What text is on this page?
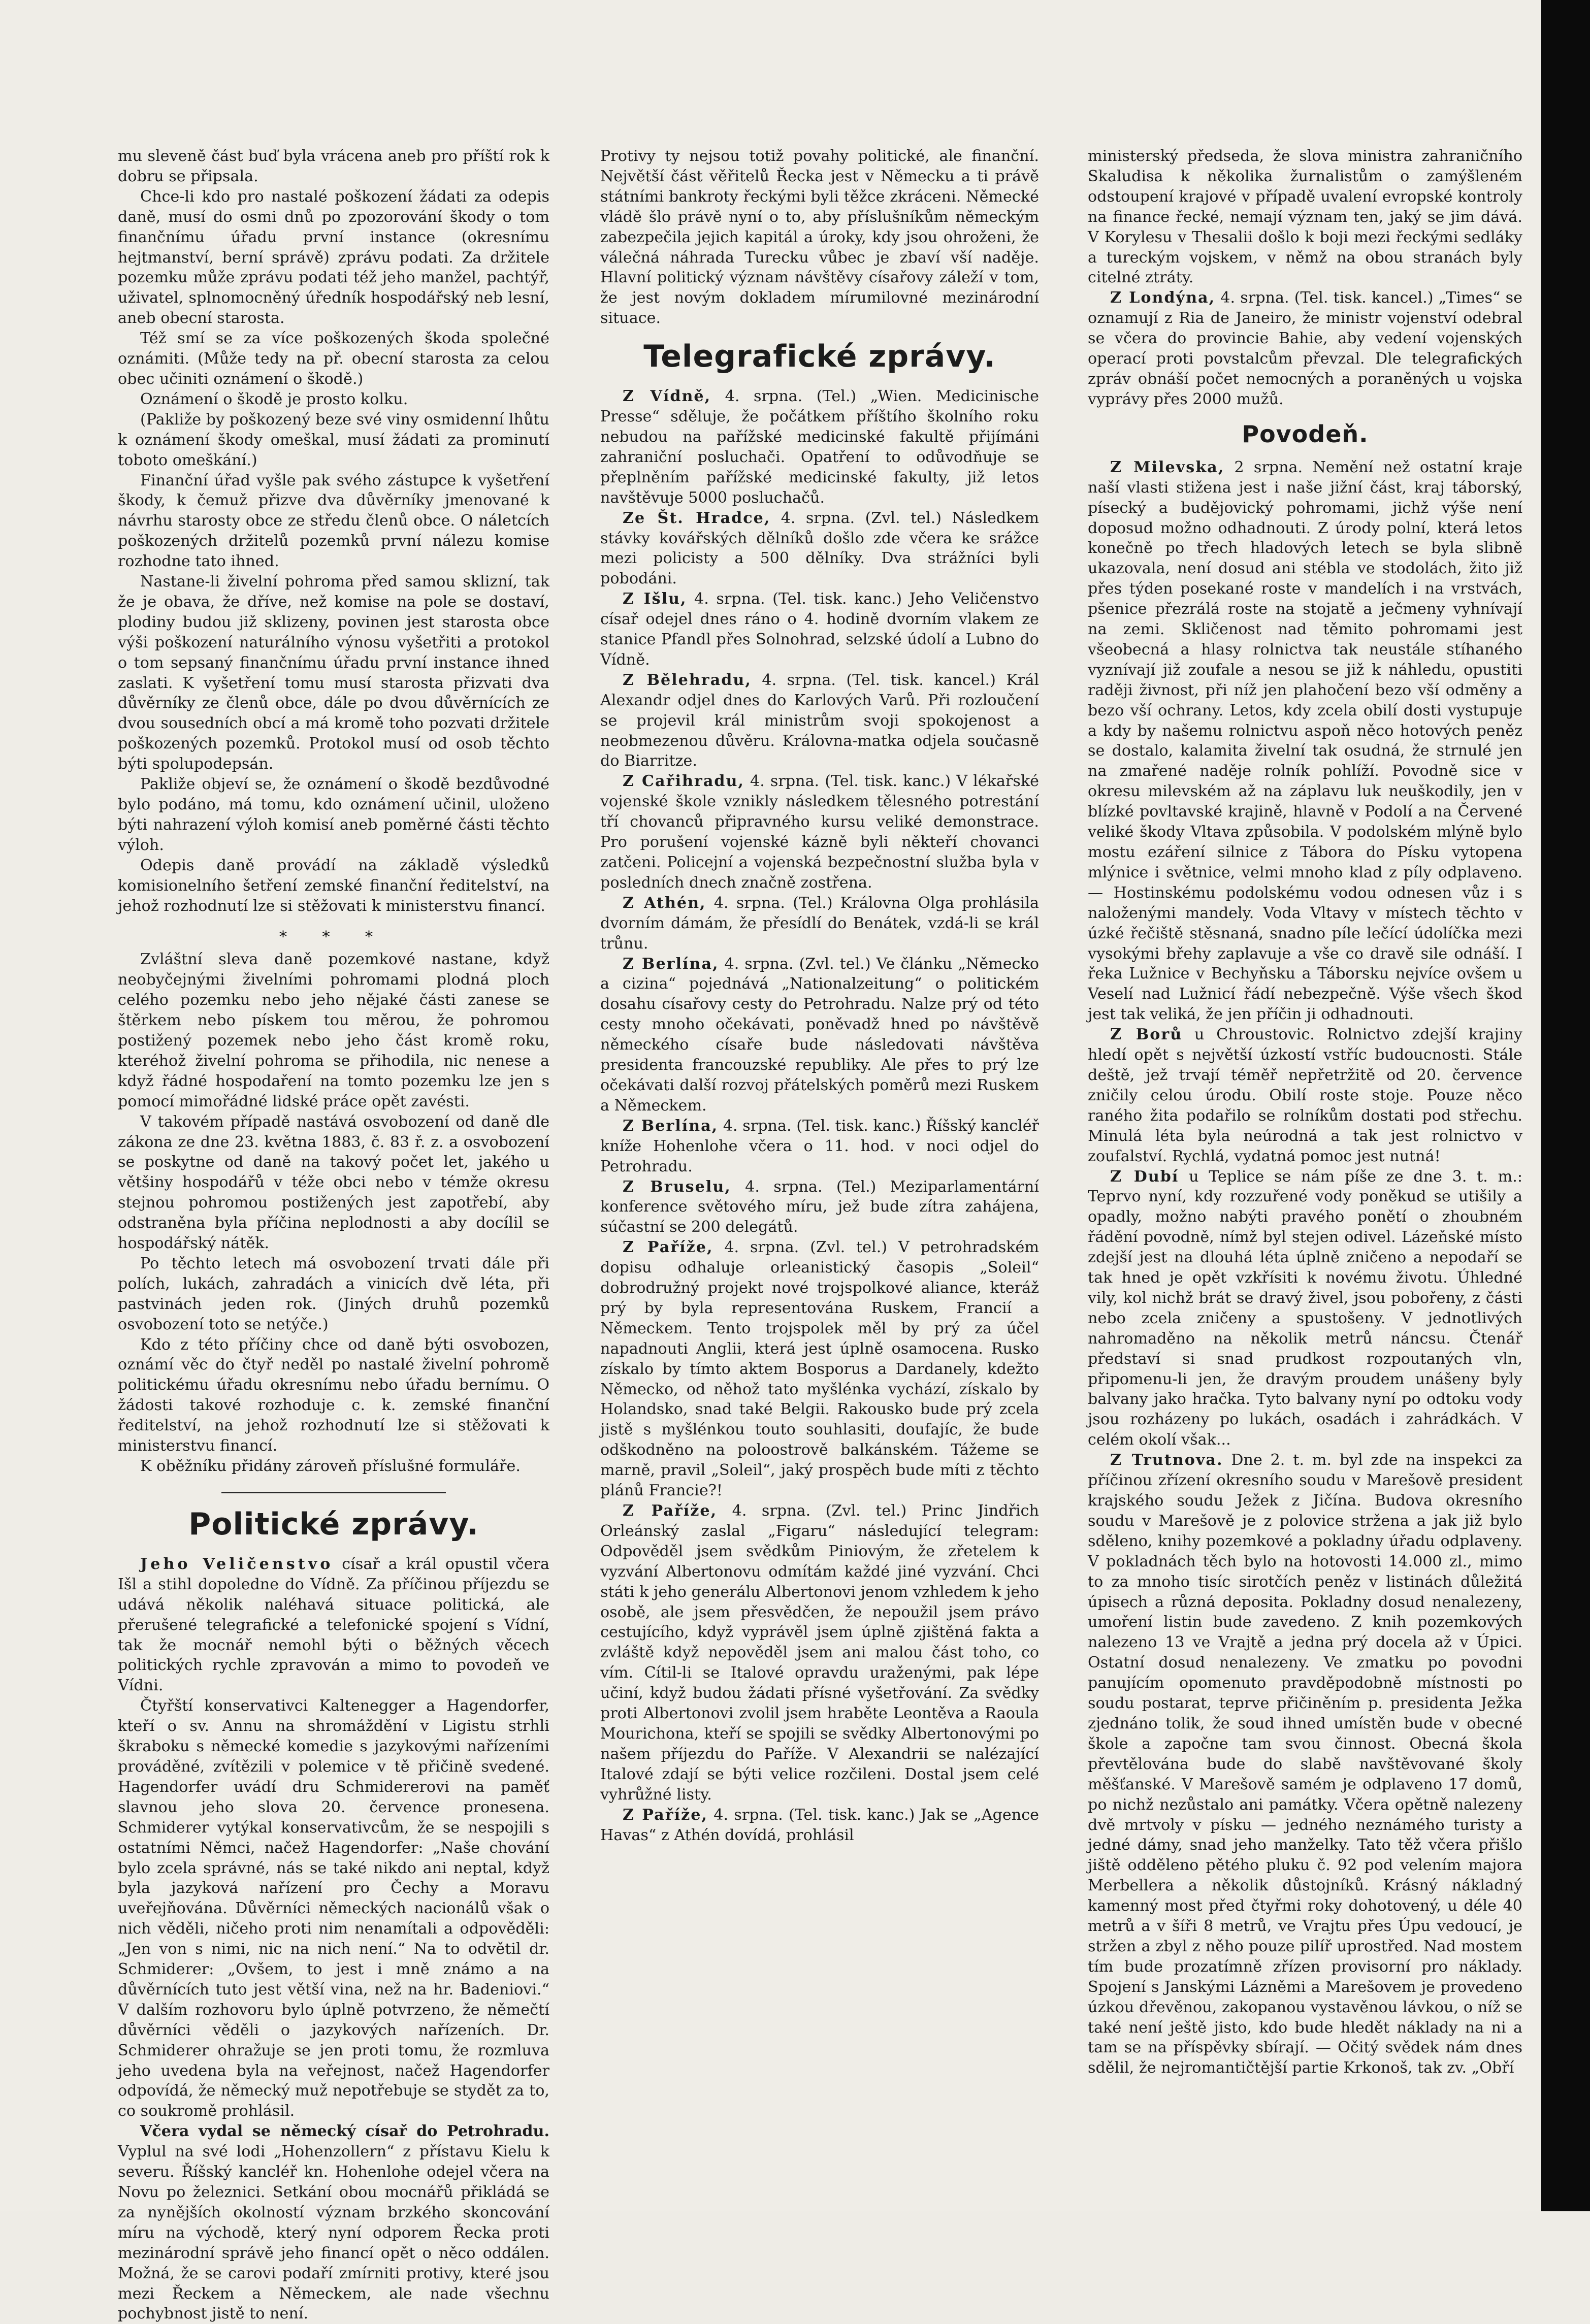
mu sleveně část buď byla vrácena aneb pro příští rok k dobru se připsala.

Chce-li kdo pro nastalé poškození žádati za odepis daně, musí do osmi dnů po zpozorování škody o tom finančnímu úřadu první instance (okresnímu hejtmanství, berní správě) zprávu podati. Za držitele pozemku může zprávu podati též jeho manžel, pachtýř, uživatel, splnomocněný úředník hospodářský neb lesní, aneb obecní starosta.

Též smí se za více poškozených škoda společné oznámiti. (Může tedy na př. obecní starosta za celou obec učiniti oznámení o škodě.)

Oznámení o škodě je prosto kolku.

(Pakliže by poškozený beze své viny osmidenní lhůtu k oznámení škody omeškal, musí žádati za prominutí toboto omeškání.)

Finanční úřad vyšle pak svého zástupce k vyšetření škody, k čemuž přizve dva důvěrníky jmenované k návrhu starosty obce ze středu členů obce. O náletcích poškozených držitelů pozemků první nálezu komise rozhodne tato ihned.

Nastane-li živelní pohroma před samou sklizní, tak že je obava, že dříve, než komise na pole se dostaví, plodiny budou již sklizeny, povinen jest starosta obce výši poškození naturálního výnosu vyšetřiti a protokol o tom sepsaný finančnímu úřadu první instance ihned zaslati. K vyšetření tomu musí starosta přizvati dva důvěrníky ze členů obce, dále po dvou důvěrnících ze dvou sousedních obcí a má kromě toho pozvati držitele poškozených pozemků. Protokol musí od osob těchto býti spolupodepsán.

Pakliže objeví se, že oznámení o škodě bezdůvodné bylo podáno, má tomu, kdo oznámení učinil, uloženo býti nahrazení výloh komisí aneb poměrné části těchto výloh.

Odepis daně provádí na základě výsledků komisionelního šetření zemské finanční ředitelství, na jehož rozhodnutí lze si stěžovati k ministerstvu financí.

* * *

Zvláštní sleva daně pozemkové nastane, když neobyčejnými živelními pohromami plodná ploch celého pozemku nebo jeho nějaké části zanese se štěrkem nebo pískem tou měrou, že pohromou postižený pozemek nebo jeho část kromě roku, kteréhož živelní pohroma se přihodila, nic nenese a když řádné hospodaření na tomto pozemku lze jen s pomocí mimořádné lidské práce opět zavésti.

V takovém případě nastává osvobození od daně dle zákona ze dne 23. května 1883, č. 83 ř. z. a osvobození se poskytne od daně na takový počet let, jakého u většiny hospodářů v téže obci nebo v témže okresu stejnou pohromou postižených jest zapotřebí, aby odstraněna byla příčina neplodnosti a aby docílil se hospodářský nátěk.

Po těchto letech má osvobození trvati dále při polích, lukách, zahradách a vinicích dvě léta, při pastvinách jeden rok. (Jiných druhů pozemků osvobození toto se netýče.)

Kdo z této příčiny chce od daně býti osvobozen, oznámí věc do čtyř neděl po nastalé živelní pohromě politickému úřadu okresnímu nebo úřadu bernímu. O žádosti takové rozhoduje c. k. zemské finanční ředitelství, na jehož rozhodnutí lze si stěžovati k ministerstvu financí.

K oběžníku přidány zároveň příslušné formuláře.

Politické zprávy.

Jeho Veličenstvo císař a král opustil včera Išl a stihl dopoledne do Vídně. Za příčinou příjezdu se udává několik naléhavá situace politická, ale přerušené telegrafické a telefonické spojení s Vídní, tak že mocnář nemohl býti o běžných věcech politických rychle zpravován a mimo to povodeň ve Vídni.

Čtyřští konservativci Kaltenegger a Hagendorfer, kteří o sv. Annu na shromáždění v Ligistu strhli škraboku s německé komedie s jazykovými nařízeními prováděné, zvítězili v polemice v tě přičině svedené. Hagendorfer uvádí dru Schmidererovi na paměť slavnou jeho slova 20. července pronesena. Schmiderer vytýkal konservativcům, že se nespojili s ostatními Němci, načež Hagendorfer: „Naše chování bylo zcela správné, nás se také nikdo ani neptal, když byla jazyková nařízení pro Čechy a Moravu uveřejňována. Důvěrníci německých nacionálů však o nich věděli, ničeho proti nim nenamítali a odpověděli: „Jen von s nimi, nic na nich není.“ Na to odvětil dr. Schmiderer: „Ovšem, to jest i mně známo a na důvěrnících tuto jest větší vina, než na hr. Badeniovi.“ V dalším rozhovoru bylo úplně potvrzeno, že němečtí důvěrníci věděli o jazykových nařízeních. Dr. Schmiderer ohražuje se jen proti tomu, že rozmluva jeho uvedena byla na veřejnost, načež Hagendorfer odpovídá, že německý muž nepotřebuje se stydět za to, co soukromě prohlásil.

Včera vydal se německý císař do Petrohradu. Vyplul na své lodi „Hohenzollern“ z přístavu Kielu k severu. Říšský kancléř kn. Hohenlohe odejel včera na Novu po železnici. Setkání obou mocnářů přikládá se za nynějších okolností význam brzkého skoncování míru na východě, který nyní odporem Řecka proti mezinárodní správě jeho financí opět o něco oddálen. Možná, že se carovi podaří zmírniti protivy, které jsou mezi Řeckem a Německem, ale nade všechnu pochybnost jistě to není.

Protivy ty nejsou totiž povahy politické, ale finanční. Největší část věřitelů Řecka jest v Německu a ti právě státními bankroty řeckými byli těžce zkráceni. Německé vládě šlo právě nyní o to, aby příslušníkům německým zabezpečila jejich kapitál a úroky, kdy jsou ohroženi, že válečná náhrada Turecku vůbec je zbaví vší naděje. Hlavní politický význam návštěvy císařovy záleží v tom, že jest novým dokladem mírumilovné mezinárodní situace.

Telegrafické zprávy.

Z Vídně, 4. srpna. (Tel.) „Wien. Medicinische Presse“ sděluje, že počátkem příštího školního roku nebudou na pařížské medicinské fakultě přijímáni zahraniční posluchači. Opatření to odůvodňuje se přeplněním pařížské medicinské fakulty, již letos navštěvuje 5000 posluchačů.

Ze Št. Hradce, 4. srpna. (Zvl. tel.) Následkem stávky kovářských dělníků došlo zde včera ke srážce mezi policisty a 500 dělníky. Dva strážníci byli pobodáni.

Z Išlu, 4. srpna. (Tel. tisk. kanc.) Jeho Veličenstvo císař odejel dnes ráno o 4. hodině dvorním vlakem ze stanice Pfandl přes Solnohrad, selzské údolí a Lubno do Vídně.

Z Bělehradu, 4. srpna. (Tel. tisk. kancel.) Král Alexandr odjel dnes do Karlových Varů. Při rozloučení se projevil král ministrům svoji spokojenost a neobmezenou důvěru. Královna-matka odjela současně do Biarritze.

Z Cařihradu, 4. srpna. (Tel. tisk. kanc.) V lékařské vojenské škole vznikly následkem tělesného potrestání tří chovanců připravného kursu veliké demonstrace. Pro porušení vojenské kázně byli někteří chovanci zatčeni. Policejní a vojenská bezpečnostní služba byla v posledních dnech značně zostřena.

Z Athén, 4. srpna. (Tel.) Královna Olga prohlásila dvorním dámám, že přesídlí do Benátek, vzdá-li se král trůnu.

Z Berlína, 4. srpna. (Zvl. tel.) Ve článku „Německo a cizina“ pojednává „Nationalzeitung“ o politickém dosahu císařovy cesty do Petrohradu. Nalze prý od této cesty mnoho očekávati, poněvadž hned po návštěvě německého císaře bude následovati návštěva presidenta francouzské republiky. Ale přes to prý lze očekávati další rozvoj přátelských poměrů mezi Ruskem a Německem.

Z Berlína, 4. srpna. (Tel. tisk. kanc.) Říšský kancléř kníže Hohenlohe včera o 11. hod. v noci odjel do Petrohradu.

Z Bruselu, 4. srpna. (Tel.) Meziparlamentární konference světového míru, jež bude zítra zahájena, súčastní se 200 delegátů.

Z Paříže, 4. srpna. (Zvl. tel.) V petrohradském dopisu odhaluje orleanistický časopis „Soleil“ dobrodružný projekt nové trojspolkové aliance, kteráž prý by byla representována Ruskem, Francií a Německem. Tento trojspolek měl by prý za účel napadnouti Anglii, která jest úplně osamocena. Rusko získalo by tímto aktem Bosporus a Dardanely, kdežto Německo, od něhož tato myšlénka vychází, získalo by Holandsko, snad také Belgii. Rakousko bude prý zcela jistě s myšlénkou touto souhlasiti, doufajíc, že bude odškodněno na poloostrově balkánském. Tážeme se marně, pravil „Soleil“, jaký prospěch bude míti z těchto plánů Francie?!

Z Paříže, 4. srpna. (Zvl. tel.) Princ Jindřich Orleánský zaslal „Figaru“ následující telegram: Odpověděl jsem svědkům Piniovým, že zřetelem k vyzvání Albertonovu odmítám každé jiné vyzvání. Chci státi k jeho generálu Albertonovi jenom vzhledem k jeho osobě, ale jsem přesvědčen, že nepoužil jsem právo cestujícího, když vyprávěl jsem úplně zjištěná fakta a zvláště když nepověděl jsem ani malou část toho, co vím. Cítil-li se Italové opravdu uraženými, pak lépe učiní, když budou žádati přísné vyšetřování. Za svědky proti Albertonovi zvolil jsem hraběte Leontěva a Raoula Mourichona, kteří se spojili se svědky Albertonovými po našem příjezdu do Paříže. V Alexandrii se nalézající Italové zdají se býti velice rozčileni. Dostal jsem celé vyhrůžné listy.

Z Paříže, 4. srpna. (Tel. tisk. kanc.) Jak se „Agence Havas“ z Athén dovídá, prohlásil

ministerský předseda, že slova ministra zahraničního Skaludisa k několika žurnalistům o zamýšleném odstoupení krajové v případě uvalení evropské kontroly na finance řecké, nemají význam ten, jaký se jim dává. V Korylesu v Thesalii došlo k boji mezi řeckými sedláky a tureckým vojskem, v němž na obou stranách byly citelné ztráty.

Z Londýna, 4. srpna. (Tel. tisk. kancel.) „Times“ se oznamují z Ria de Janeiro, že ministr vojenství odebral se včera do provincie Bahie, aby vedení vojenských operací proti povstalcům převzal. Dle telegrafických zpráv obnáší počet nemocných a poraněných u vojska vyprávy přes 2000 mužů.

Povodeň.

Z Milevska, 2 srpna. Nemění než ostatní kraje naší vlasti stižena jest i naše jižní část, kraj táborský, písecký a budějovický pohromami, jichž výše není doposud možno odhadnouti. Z úrody polní, která letos konečně po třech hladových letech se byla slibně ukazovala, není dosud ani stébla ve stodolách, žito již přes týden posekané roste v mandelích i na vrstvách, pšenice přezrálá roste na stojatě a ječmeny vyhnívají na zemi. Skličenost nad těmito pohromami jest všeobecná a hlasy rolnictva tak neustále stíhaného vyznívají již zoufale a nesou se již k náhledu, opustiti raději živnost, při níž jen plahočení bezo vší odměny a bezo vší ochrany. Letos, kdy zcela obilí dosti vystupuje a kdy by našemu rolnictvu aspoň něco hotových peněz se dostalo, kalamita živelní tak osudná, že strnulé jen na zmařené naděje rolník pohlíží. Povodně sice v okresu milevském až na záplavu luk neuškodily, jen v blízké povltavské krajině, hlavně v Podolí a na Červené veliké škody Vltava způsobila. V podolském mlýně bylo mostu ezáření silnice z Tábora do Písku vytopena mlýnice i světnice, velmi mnoho klad z píly odplaveno. — Hostinskému podolskému vodou odnesen vůz i s naloženými mandely. Voda Vltavy v místech těchto v úzké řečiště stěsnaná, snadno píle lečící údolíčka mezi vysokými břehy zaplavuje a vše co dravě sile odnáší. I řeka Lužnice v Bechyňsku a Táborsku nejvíce ovšem u Veselí nad Lužnicí řádí nebezpečně. Výše všech škod jest tak veliká, že jen příčin ji odhadnouti.

Z Borů u Chroustovic. Rolnictvo zdejší krajiny hledí opět s největší úzkostí vstříc budoucnosti. Stále deště, jež trvají téměř nepřetržitě od 20. července zničily celou úrodu. Obilí roste stoje. Pouze něco raného žita podařilo se rolníkům dostati pod střechu. Minulá léta byla neúrodná a tak jest rolnictvo v zoufalství. Rychlá, vydatná pomoc jest nutná!

Z Dubí u Teplice se nám píše ze dne 3. t. m.: Teprvo nyní, kdy rozzuřené vody poněkud se utišily a opadly, možno nabýti pravého ponětí o zhoubném řádění povodně, nímž byl stejen odivel. Lázeňské místo zdejší jest na dlouhá léta úplně zničeno a nepodaří se tak hned je opět vzkřísiti k novému životu. Úhledné vily, kol nichž brát se dravý živel, jsou pobořeny, z části nebo zcela zničeny a spustošeny. V jednotlivých nahromaděno na několik metrů náncsu. Čtenář představí si snad prudkost rozpoutaných vln, připomenu-li jen, že dravým proudem unášeny byly balvany jako hračka. Tyto balvany nyní po odtoku vody jsou rozházeny po lukách, osadách i zahrádkách. V celém okolí však...

Z Trutnova. Dne 2. t. m. byl zde na inspekci za příčinou zřízení okresního soudu v Marešově president krajského soudu Ježek z Jičína. Budova okresního soudu v Marešově je z polovice stržena a jak již bylo sděleno, knihy pozemkové a pokladny úřadu odplaveny. V pokladnách těch bylo na hotovosti 14.000 zl., mimo to za mnoho tisíc sirotčích peněz v listinách důležitá úpisech a různá deposita. Pokladny dosud nenalezeny, umoření listin bude zavedeno. Z knih pozemkových nalezeno 13 ve Vrajtě a jedna prý docela až v Úpici. Ostatní dosud nenalezeny. Ve zmatku po povodni panujícím opomenuto pravděpodobně místnosti po soudu postarat, teprve přičiněním p. presidenta Ježka zjednáno tolik, že soud ihned umístěn bude v obecné škole a započne tam svou činnost. Obecná škola převtělována bude do slabě navštěvované školy měšťanské. V Marešově samém je odplaveno 17 domů, po nichž nezůstalo ani památky. Včera opětně nalezeny dvě mrtvoly v písku — jedného neznámého turisty a jedné dámy, snad jeho manželky. Tato těž včera přišlo jiště odděleno pětého pluku č. 92 pod velením majora Merbellera a několik důstojníků. Krásný nákladný kamenný most před čtyřmi roky dohotovený, u déle 40 metrů a v šíři 8 metrů, ve Vrajtu přes Úpu vedoucí, je stržen a zbyl z něho pouze pilíř uprostřed. Nad mostem tím bude prozatímně zřízen provisorní pro náklady. Spojení s Janskými Lázněmi a Marešovem je provedeno úzkou dřevěnou, zakopanou vystavěnou lávkou, o níž se také není ještě jisto, kdo bude hledět náklady na ni a tam se na příspěvky sbírají. — Očitý svědek nám dnes sdělil, že nejromantičtější partie Krkonoš, tak zv. „Obří
